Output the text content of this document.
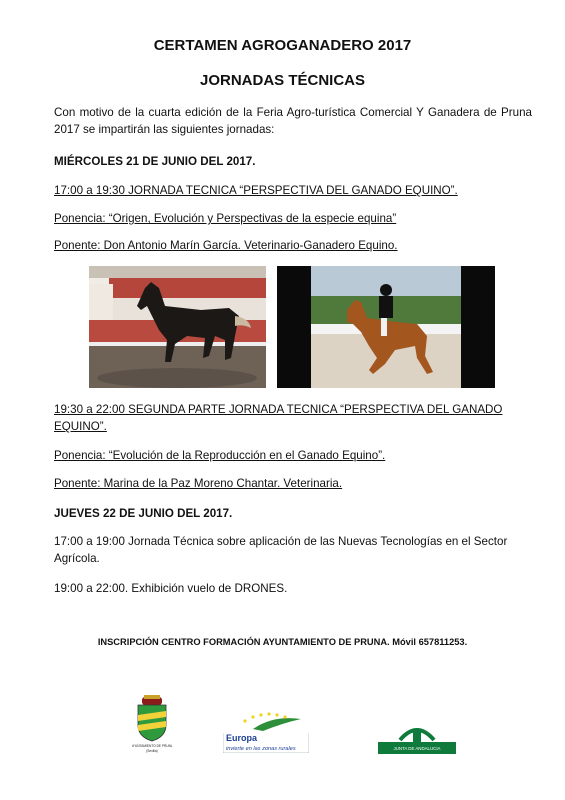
CERTAMEN AGROGANADERO 2017
JORNADAS TÉCNICAS

Con motivo de la cuarta edición de la Feria Agro-turística Comercial Y Ganadera de Pruna 2017 se impartirán las siguientes jornadas:

MIÉRCOLES 21 DE JUNIO DEL 2017.

17:00 a 19:30 JORNADA TECNICA “PERSPECTIVA DEL GANADO EQUINO”.

Ponencia: “Origen, Evolución y Perspectivas de la especie equina”

Ponente: Don Antonio Marín García. Veterinario-Ganadero Equino.

19:30 a 22:00 SEGUNDA PARTE JORNADA TECNICA “PERSPECTIVA DEL GANADO EQUINO”.

Ponencia: “Evolución de la Reproducción en el Ganado Equino”.

Ponente: Marina de la Paz Moreno Chantar. Veterinaria.

JUEVES 22 DE JUNIO DEL 2017.

17:00 a 19:00 Jornada Técnica sobre aplicación de las Nuevas Tecnologías en el Sector Agrícola.

19:00 a 22:00. Exhibición vuelo de DRONES.

INSCRIPCIÓN CENTRO FORMACIÓN AYUNTAMIENTO DE PRUNA. Móvil 657811253.
AYUNTAMIENTO DE PRUNA
(Sevilla)
Europa
invierte en las zonas rurales	JUNTA DE ANDALUCIA
